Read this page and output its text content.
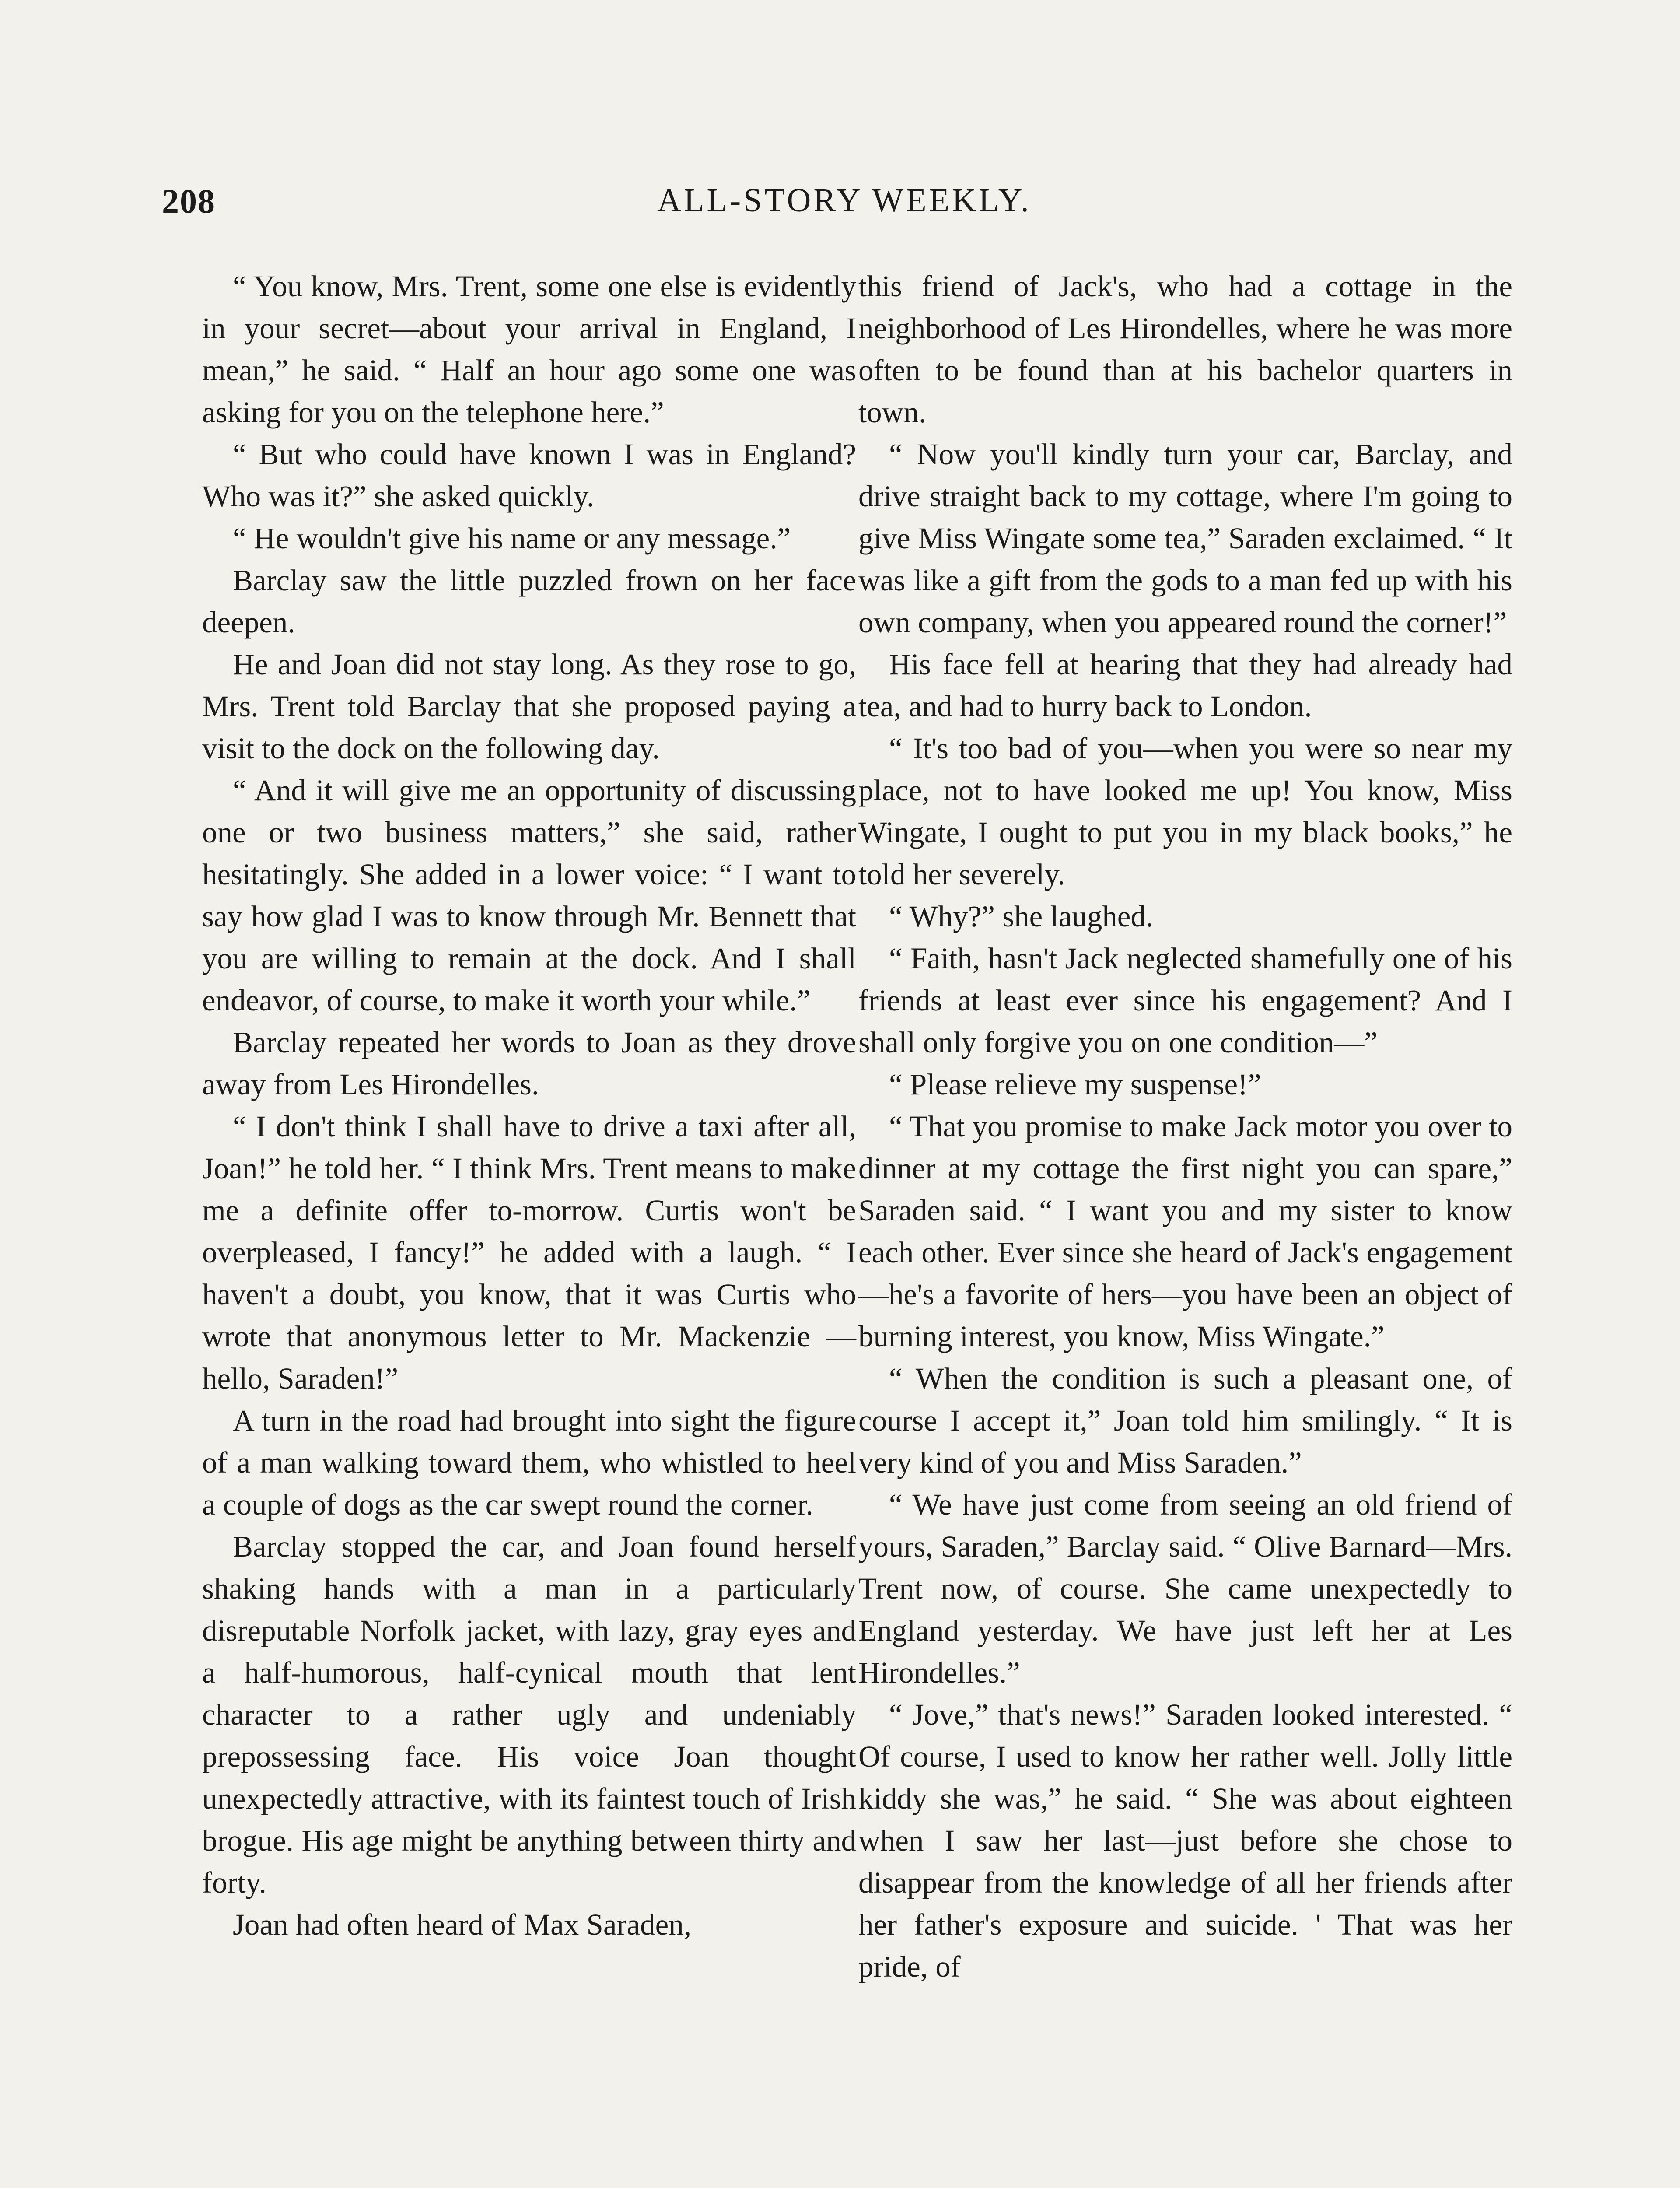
208	ALL-STORY WEEKLY.

“ You know, Mrs. Trent, some one else is evidently in your secret—about your arrival in England, I mean,” he said. “ Half an hour ago some one was asking for you on the telephone here.”

“ But who could have known I was in England? Who was it?” she asked quickly.

“ He wouldn't give his name or any message.”

Barclay saw the little puzzled frown on her face deepen.

He and Joan did not stay long. As they rose to go, Mrs. Trent told Barclay that she proposed paying a visit to the dock on the following day.

“ And it will give me an opportunity of discussing one or two business matters,” she said, rather hesitatingly. She added in a lower voice: “ I want to say how glad I was to know through Mr. Bennett that you are willing to remain at the dock. And I shall endeavor, of course, to make it worth your while.”

Barclay repeated her words to Joan as they drove away from Les Hirondelles.

“ I don't think I shall have to drive a taxi after all, Joan!” he told her. “ I think Mrs. Trent means to make me a definite offer to-morrow. Curtis won't be overpleased, I fancy!” he added with a laugh. “ I haven't a doubt, you know, that it was Curtis who wrote that anonymous letter to Mr. Mackenzie — hello, Saraden!”

A turn in the road had brought into sight the figure of a man walking toward them, who whistled to heel a couple of dogs as the car swept round the corner.

Barclay stopped the car, and Joan found herself shaking hands with a man in a particularly disreputable Norfolk jacket, with lazy, gray eyes and a half-humorous, half-cynical mouth that lent character to a rather ugly and undeniably prepossessing face. His voice Joan thought unexpectedly attractive, with its faintest touch of Irish brogue. His age might be anything between thirty and forty.

Joan had often heard of Max Saraden,

this friend of Jack's, who had a cottage in the neighborhood of Les Hirondelles, where he was more often to be found than at his bachelor quarters in town.

“ Now you'll kindly turn your car, Barclay, and drive straight back to my cottage, where I'm going to give Miss Wingate some tea,” Saraden exclaimed. “ It was like a gift from the gods to a man fed up with his own company, when you appeared round the corner!”

His face fell at hearing that they had already had tea, and had to hurry back to London.

“ It's too bad of you—when you were so near my place, not to have looked me up! You know, Miss Wingate, I ought to put you in my black books,” he told her severely.

“ Why?” she laughed.

“ Faith, hasn't Jack neglected shamefully one of his friends at least ever since his engagement? And I shall only forgive you on one condition—”

“ Please relieve my suspense!”

“ That you promise to make Jack motor you over to dinner at my cottage the first night you can spare,” Saraden said. “ I want you and my sister to know each other. Ever since she heard of Jack's engagement—he's a favorite of hers—you have been an object of burning interest, you know, Miss Wingate.”

“ When the condition is such a pleasant one, of course I accept it,” Joan told him smilingly. “ It is very kind of you and Miss Saraden.”

“ We have just come from seeing an old friend of yours, Saraden,” Barclay said. “ Olive Barnard—Mrs. Trent now, of course. She came unexpectedly to England yesterday. We have just left her at Les Hirondelles.”

“ Jove,” that's news!” Saraden looked interested. “ Of course, I used to know her rather well. Jolly little kiddy she was,” he said. “ She was about eighteen when I saw her last—just before she chose to disappear from the knowledge of all her friends after her father's exposure and suicide. ' That was her pride, of
